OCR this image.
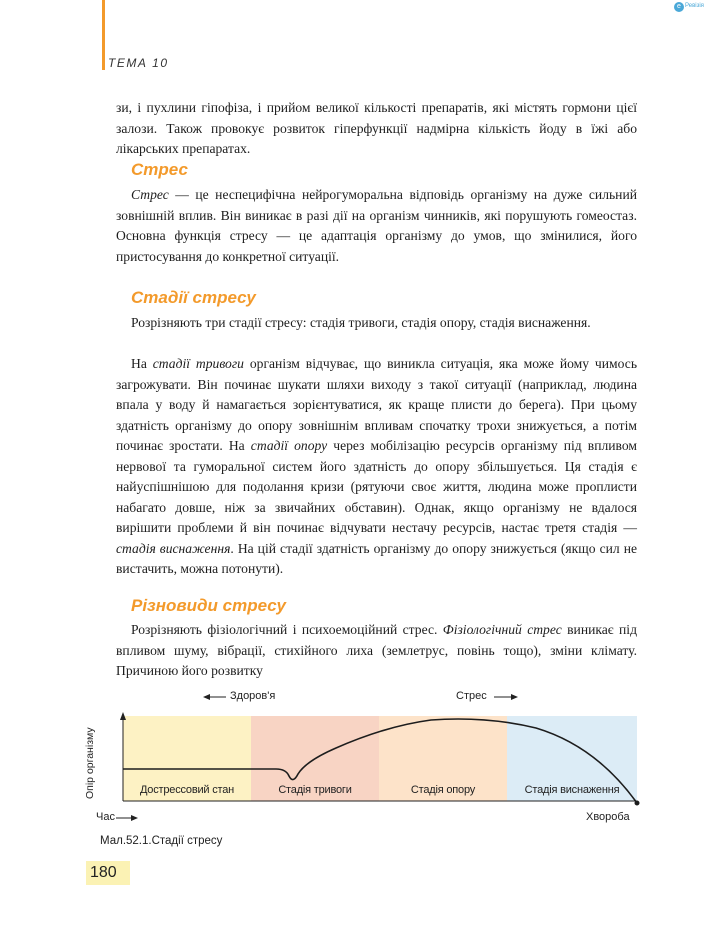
ТЕМА 10
e Ревізія

зи, і пухлини гіпофіза, і прийом великої кількості препаратів, які містять гормони цієї залози. Також провокує розвиток гіперфункції надмірна кількість йоду в їжі або лікарських препаратах.

Стрес

Стрес — це неспецифічна нейрогуморальна відповідь організму на дуже сильний зовнішній вплив. Він виникає в разі дії на організм чинників, які порушують гомеостаз. Основна функція стресу — це адаптація організму до умов, що змінилися, його пристосування до конкретної ситуації.

Стадії стресу

Розрізняють три стадії стресу: стадія тривоги, стадія опору, стадія виснаження.

На стадії тривоги організм відчуває, що виникла ситуація, яка може йому чимось загрожувати. Він починає шукати шляхи виходу з такої ситуації (наприклад, людина впала у воду й намагається зорієнтуватися, як краще плисти до берега). При цьому здатність організму до опору зовнішнім впливам спочатку трохи знижується, а потім починає зростати. На стадії опору через мобілізацію ресурсів організму під впливом нервової та гуморальної систем його здатність до опору збільшується. Ця стадія є найуспішнішою для подолання кризи (рятуючи своє життя, людина може проплисти набагато довше, ніж за звичайних обставин). Однак, якщо організму не вдалося вирішити проблеми й він починає відчувати нестачу ресурсів, настає третя стадія — стадія виснаження. На цій стадії здатність організму до опору знижується (якщо сил не вистачить, можна потонути).

Різновиди стресу

Розрізняють фізіологічний і психоемоційний стрес. Фізіологічний стрес виникає під впливом шуму, вібрації, стихійного лиха (землетрус, повінь тощо), зміни клімату. Причиною його розвитку

Здоров'я	Стрес
Опір організму
Час	Хвороба
Дострессовий стан	Стадія тривоги	Стадія опору	Стадія виснаження
Мал.52.1.Стадії стресу
180
